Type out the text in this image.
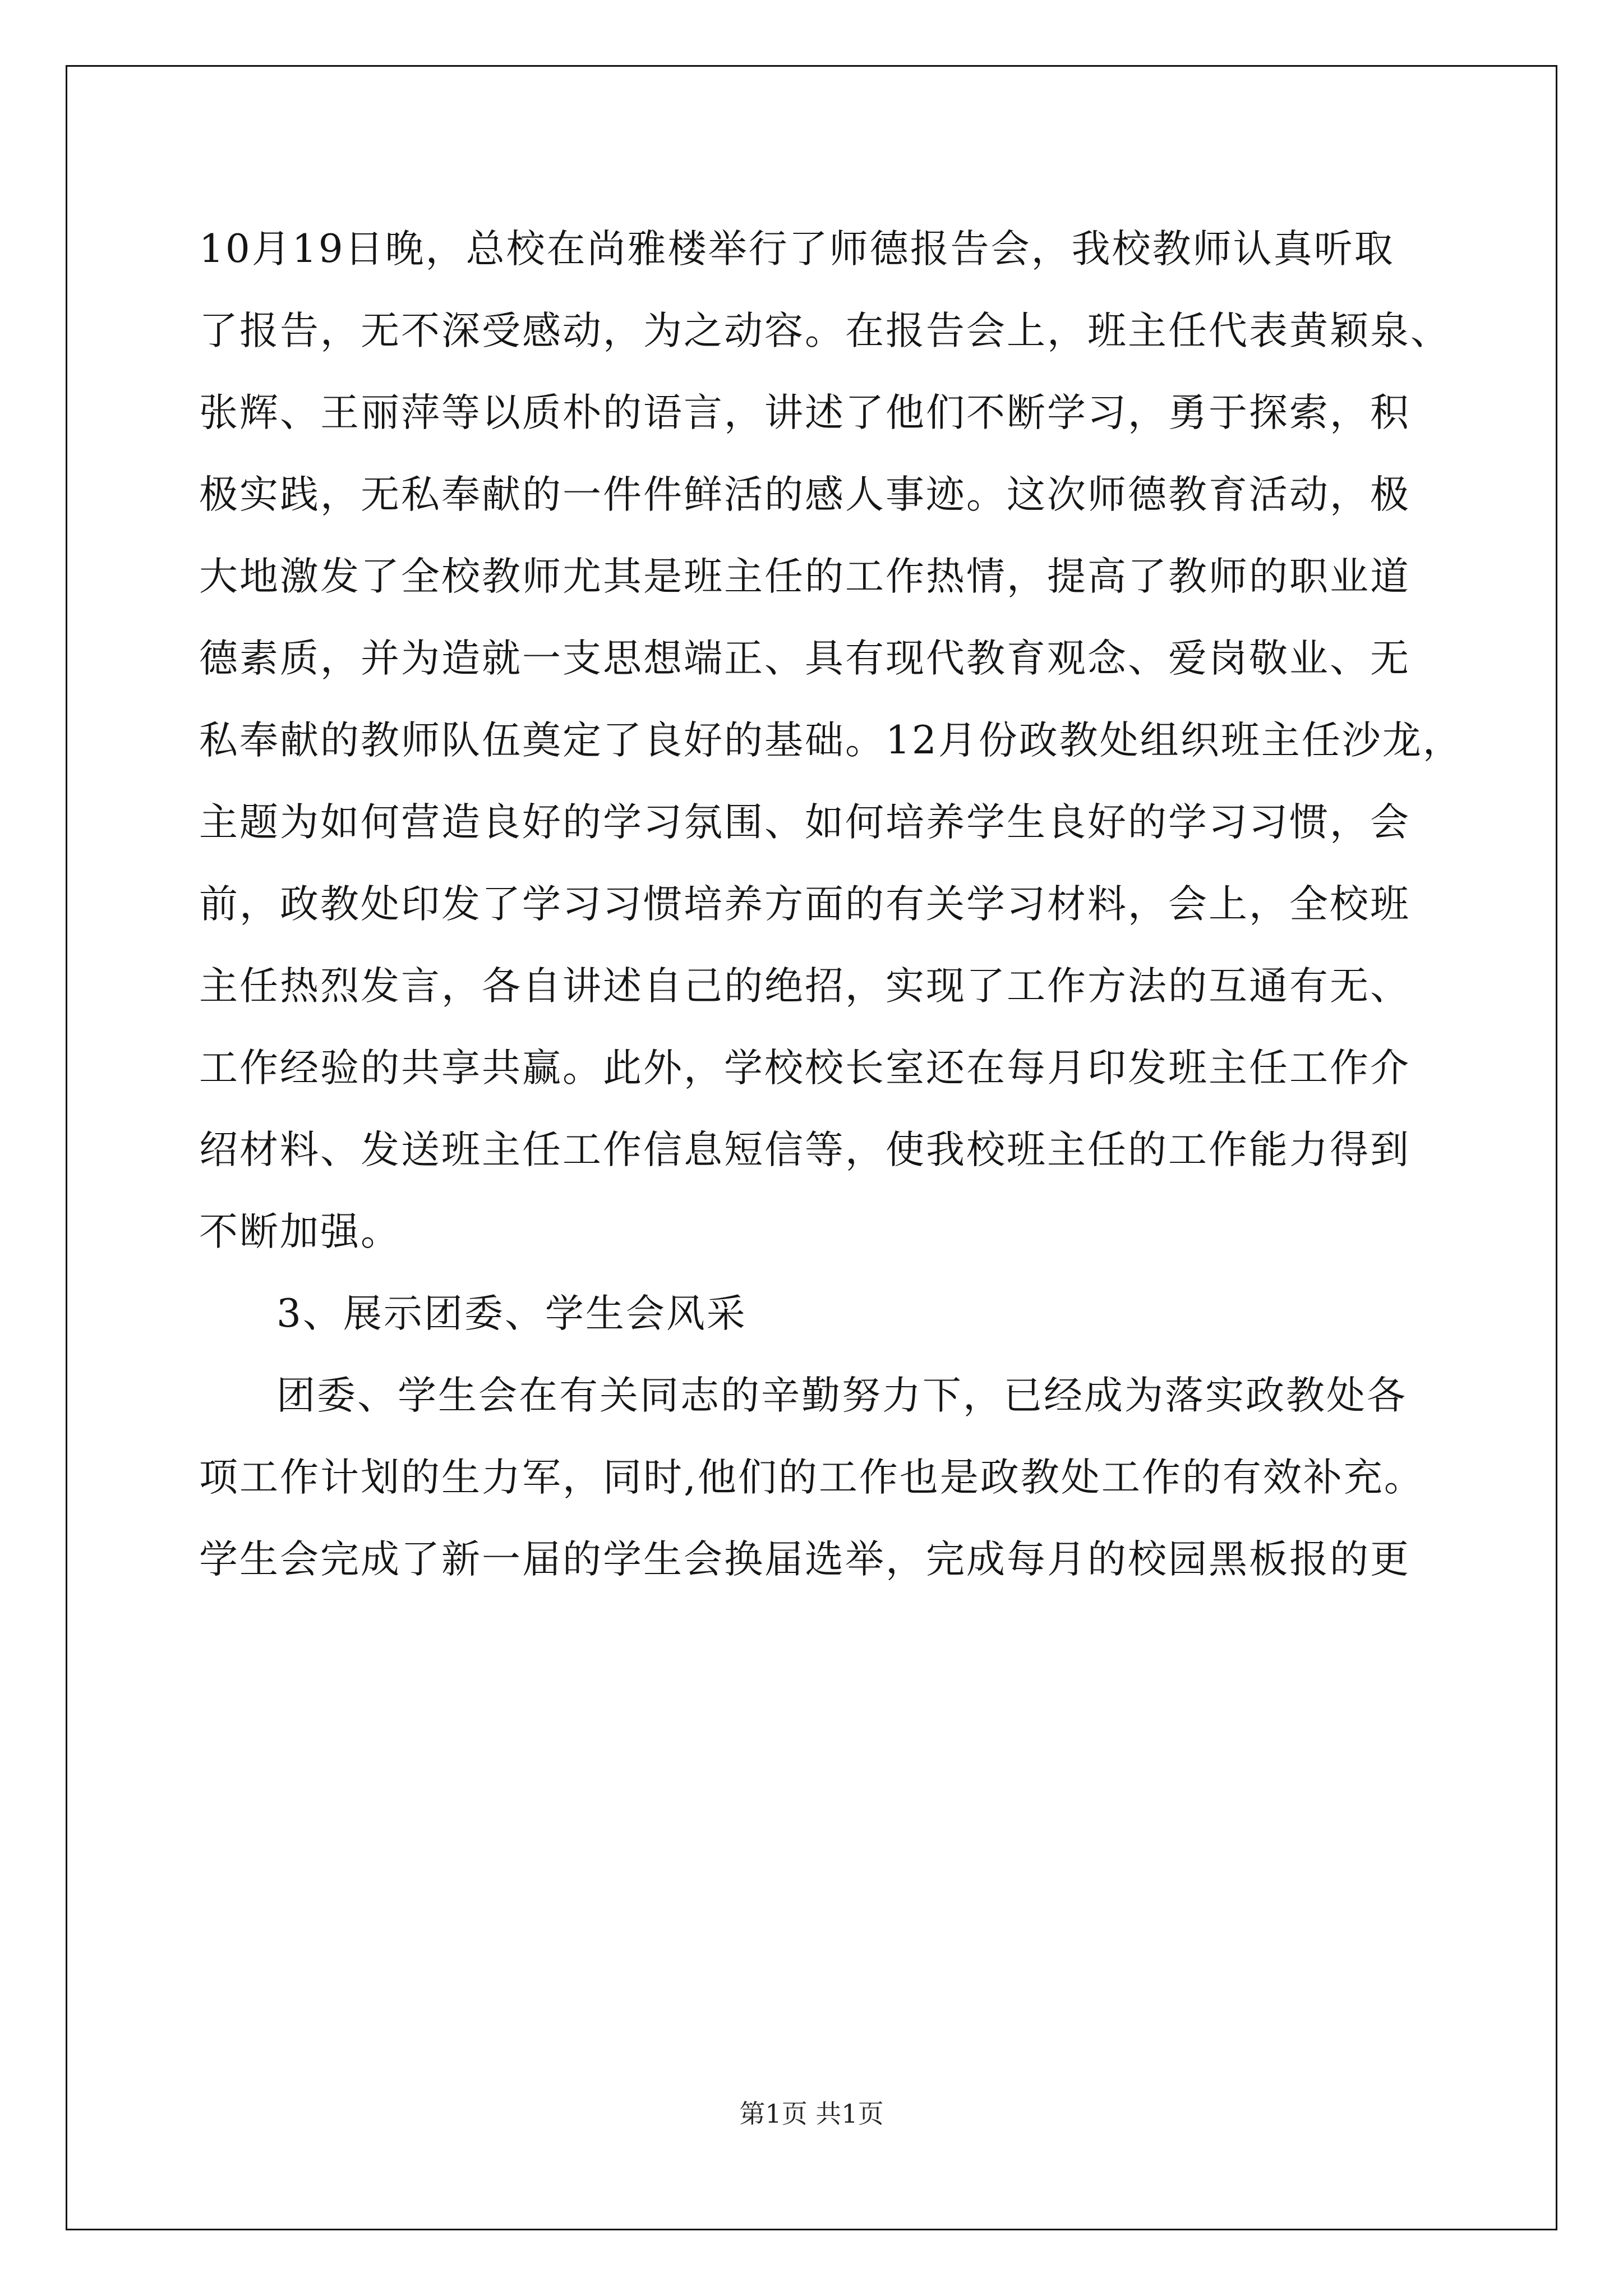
10月19日晚，总校在尚雅楼举行了师德报告会，我校教师认真听取

了报告，无不深受感动，为之动容。在报告会上，班主任代表黄颖泉、

张辉、王丽萍等以质朴的语言，讲述了他们不断学习，勇于探索，积

极实践，无私奉献的一件件鲜活的感人事迹。这次师德教育活动，极

大地激发了全校教师尤其是班主任的工作热情，提高了教师的职业道

德素质，并为造就一支思想端正、具有现代教育观念、爱岗敬业、无

私奉献的教师队伍奠定了良好的基础。12月份政教处组织班主任沙龙，

主题为如何营造良好的学习氛围、如何培养学生良好的学习习惯，会

前，政教处印发了学习习惯培养方面的有关学习材料，会上，全校班

主任热烈发言，各自讲述自己的绝招，实现了工作方法的互通有无、

工作经验的共享共赢。此外，学校校长室还在每月印发班主任工作介

绍材料、发送班主任工作信息短信等，使我校班主任的工作能力得到

不断加强。

3、展示团委、学生会风采

团委、学生会在有关同志的辛勤努力下，已经成为落实政教处各

项工作计划的生力军，同时,他们的工作也是政教处工作的有效补充。

学生会完成了新一届的学生会换届选举，完成每月的校园黑板报的更

第1页 共1页
